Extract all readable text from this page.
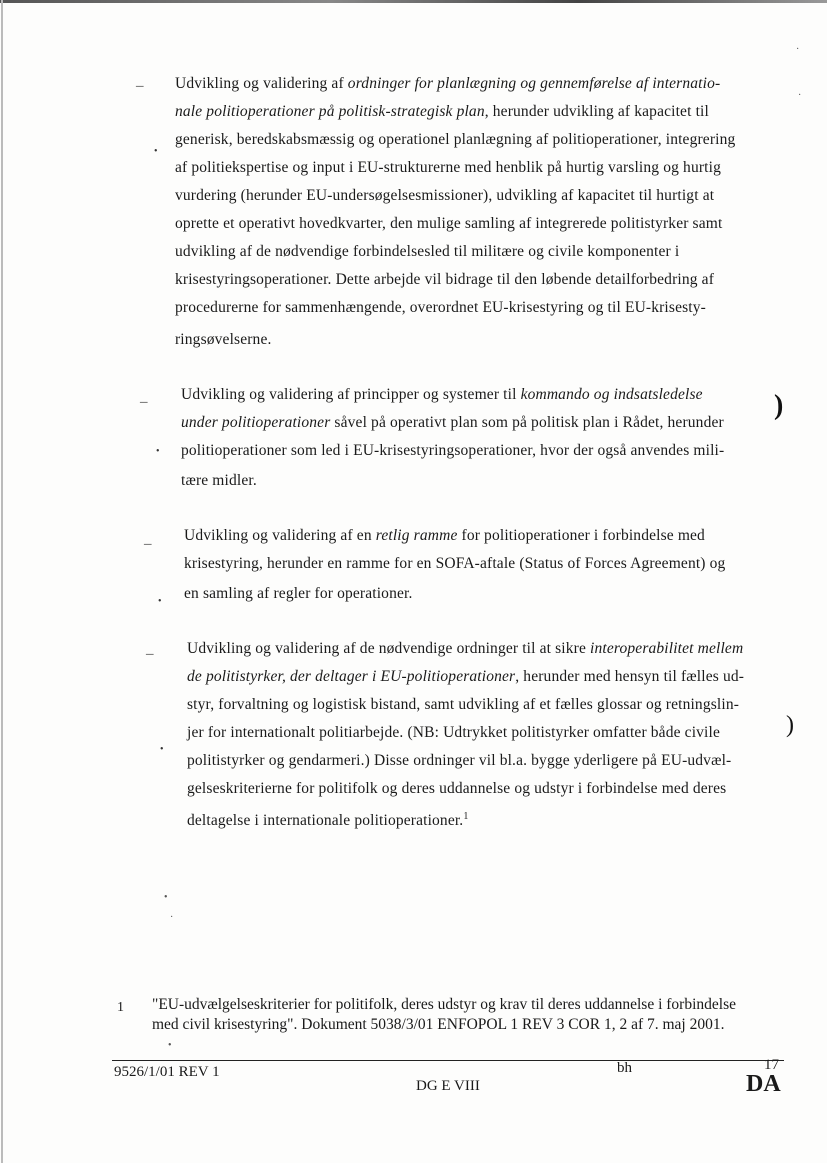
–
•
Udvikling og validering af ordninger for planlægning og gennemførelse af internatio-
nale politioperationer på politisk-strategisk plan, herunder udvikling af kapacitet til
generisk, beredskabsmæssig og operationel planlægning af politioperationer, integrering
af politiekspertise og input i EU-strukturerne med henblik på hurtig varsling og hurtig
vurdering (herunder EU-undersøgelsesmissioner), udvikling af kapacitet til hurtigt at
oprette et operativt hovedkvarter, den mulige samling af integrerede politistyrker samt
udvikling af de nødvendige forbindelsesled til militære og civile komponenter i
krisestyringsoperationer. Dette arbejde vil bidrage til den løbende detailforbedring af
procedurerne for sammenhængende, overordnet EU-krisestyring og til EU-krisesty-
ringsøvelserne.
–
•
Udvikling og validering af principper og systemer til kommando og indsatsledelse
under politioperationer såvel på operativt plan som på politisk plan i Rådet, herunder
politioperationer som led i EU-krisestyringsoperationer, hvor der også anvendes mili-
tære midler.
–
•
Udvikling og validering af en retlig ramme for politioperationer i forbindelse med
krisestyring, herunder en ramme for en SOFA-aftale (Status of Forces Agreement) og
en samling af regler for operationer.
–
•
Udvikling og validering af de nødvendige ordninger til at sikre interoperabilitet mellem
de politistyrker, der deltager i EU-politioperationer, herunder med hensyn til fælles ud-
styr, forvaltning og logistisk bistand, samt udvikling af et fælles glossar og retningslin-
jer for internationalt politiarbejde. (NB: Udtrykket politistyrker omfatter både civile
politistyrker og gendarmeri.) Disse ordninger vil bl.a. bygge yderligere på EU-udvæl-
gelseskriterierne for politifolk og deres uddannelse og udstyr i forbindelse med deres
deltagelse i internationale politioperationer.$^1$
)
)
•
·
·
·
•
1 "EU-udvælgelseskriterier for politifolk, deres udstyr og krav til deres uddannelse i forbindelse
med civil krisestyring". Dokument 5038/3/01 ENFOPOL 1 REV 3 COR 1, 2 af 7. maj 2001.
9526/1/01 REV 1	bh	17
DG E VIII	DA
